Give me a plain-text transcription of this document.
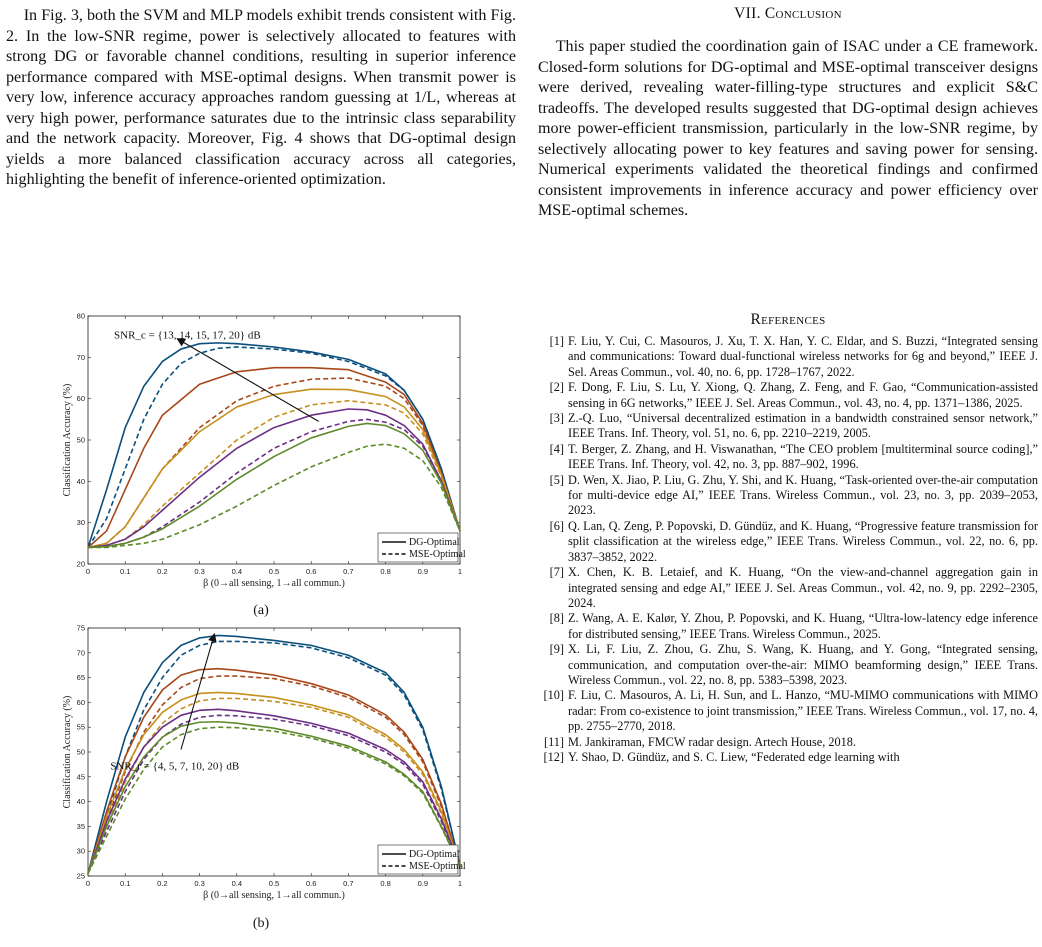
In Fig. 3, both the SVM and MLP models exhibit trends consistent with Fig. 2. In the low-SNR regime, power is selectively allocated to features with strong DG or favorable channel conditions, resulting in superior inference performance compared with MSE-optimal designs. When transmit power is very low, inference accuracy approaches random guessing at 1/L, whereas at very high power, performance saturates due to the intrinsic class separability and the network capacity. Moreover, Fig. 4 shows that DG-optimal design yields a more balanced classification accuracy across all categories, highlighting the benefit of inference-oriented optimization.

0	0.1	0.2	0.3	0.4	0.5	0.6	0.7	0.8	0.9	1
20
30
40
50
60
70
80
SNR_c = {13, 14, 15, 17, 20} dB
β (0→all sensing, 1→all commun.)
Classification Accuracy (%)
DG-Optimal
MSE-Optimal
(a)
0	0.1	0.2	0.3	0.4	0.5	0.6	0.7	0.8	0.9	1
25
30
35
40
45
50
55
60
65
70
75
SNR_r = {4, 5, 7, 10, 20} dB
β (0→all sensing, 1→all commun.)
Classification Accuracy (%)
DG-Optimal
MSE-Optimal
(b)
VII. Conclusion

This paper studied the coordination gain of ISAC under a CE framework. Closed-form solutions for DG-optimal and MSE-optimal transceiver designs were derived, revealing water-filling-type structures and explicit S&C tradeoffs. The developed results suggested that DG-optimal design achieves more power-efficient transmission, particularly in the low-SNR regime, by selectively allocating power to key features and saving power for sensing. Numerical experiments validated the theoretical findings and confirmed consistent improvements in inference accuracy and power efficiency over MSE-optimal schemes.

References
[1] F. Liu, Y. Cui, C. Masouros, J. Xu, T. X. Han, Y. C. Eldar, and S. Buzzi, “Integrated sensing and communications: Toward dual-functional wireless networks for 6g and beyond,” IEEE J. Sel. Areas Commun., vol. 40, no. 6, pp. 1728–1767, 2022.
[2] F. Dong, F. Liu, S. Lu, Y. Xiong, Q. Zhang, Z. Feng, and F. Gao, “Communication-assisted sensing in 6G networks,” IEEE J. Sel. Areas Commun., vol. 43, no. 4, pp. 1371–1386, 2025.
[3] Z.-Q. Luo, “Universal decentralized estimation in a bandwidth constrained sensor network,” IEEE Trans. Inf. Theory, vol. 51, no. 6, pp. 2210–2219, 2005.
[4] T. Berger, Z. Zhang, and H. Viswanathan, “The CEO problem [multiterminal source coding],” IEEE Trans. Inf. Theory, vol. 42, no. 3, pp. 887–902, 1996.
[5] D. Wen, X. Jiao, P. Liu, G. Zhu, Y. Shi, and K. Huang, “Task-oriented over-the-air computation for multi-device edge AI,” IEEE Trans. Wireless Commun., vol. 23, no. 3, pp. 2039–2053, 2023.
[6] Q. Lan, Q. Zeng, P. Popovski, D. Gündüz, and K. Huang, “Progressive feature transmission for split classification at the wireless edge,” IEEE Trans. Wireless Commun., vol. 22, no. 6, pp. 3837–3852, 2022.
[7] X. Chen, K. B. Letaief, and K. Huang, “On the view-and-channel aggregation gain in integrated sensing and edge AI,” IEEE J. Sel. Areas Commun., vol. 42, no. 9, pp. 2292–2305, 2024.
[8] Z. Wang, A. E. Kalør, Y. Zhou, P. Popovski, and K. Huang, “Ultra-low-latency edge inference for distributed sensing,” IEEE Trans. Wireless Commun., 2025.
[9] X. Li, F. Liu, Z. Zhou, G. Zhu, S. Wang, K. Huang, and Y. Gong, “Integrated sensing, communication, and computation over-the-air: MIMO beamforming design,” IEEE Trans. Wireless Commun., vol. 22, no. 8, pp. 5383–5398, 2023.
[10] F. Liu, C. Masouros, A. Li, H. Sun, and L. Hanzo, “MU-MIMO communications with MIMO radar: From co-existence to joint transmission,” IEEE Trans. Wireless Commun., vol. 17, no. 4, pp. 2755–2770, 2018.
[11] M. Jankiraman, FMCW radar design. Artech House, 2018.
[12] Y. Shao, D. Gündüz, and S. C. Liew, “Federated edge learning with
